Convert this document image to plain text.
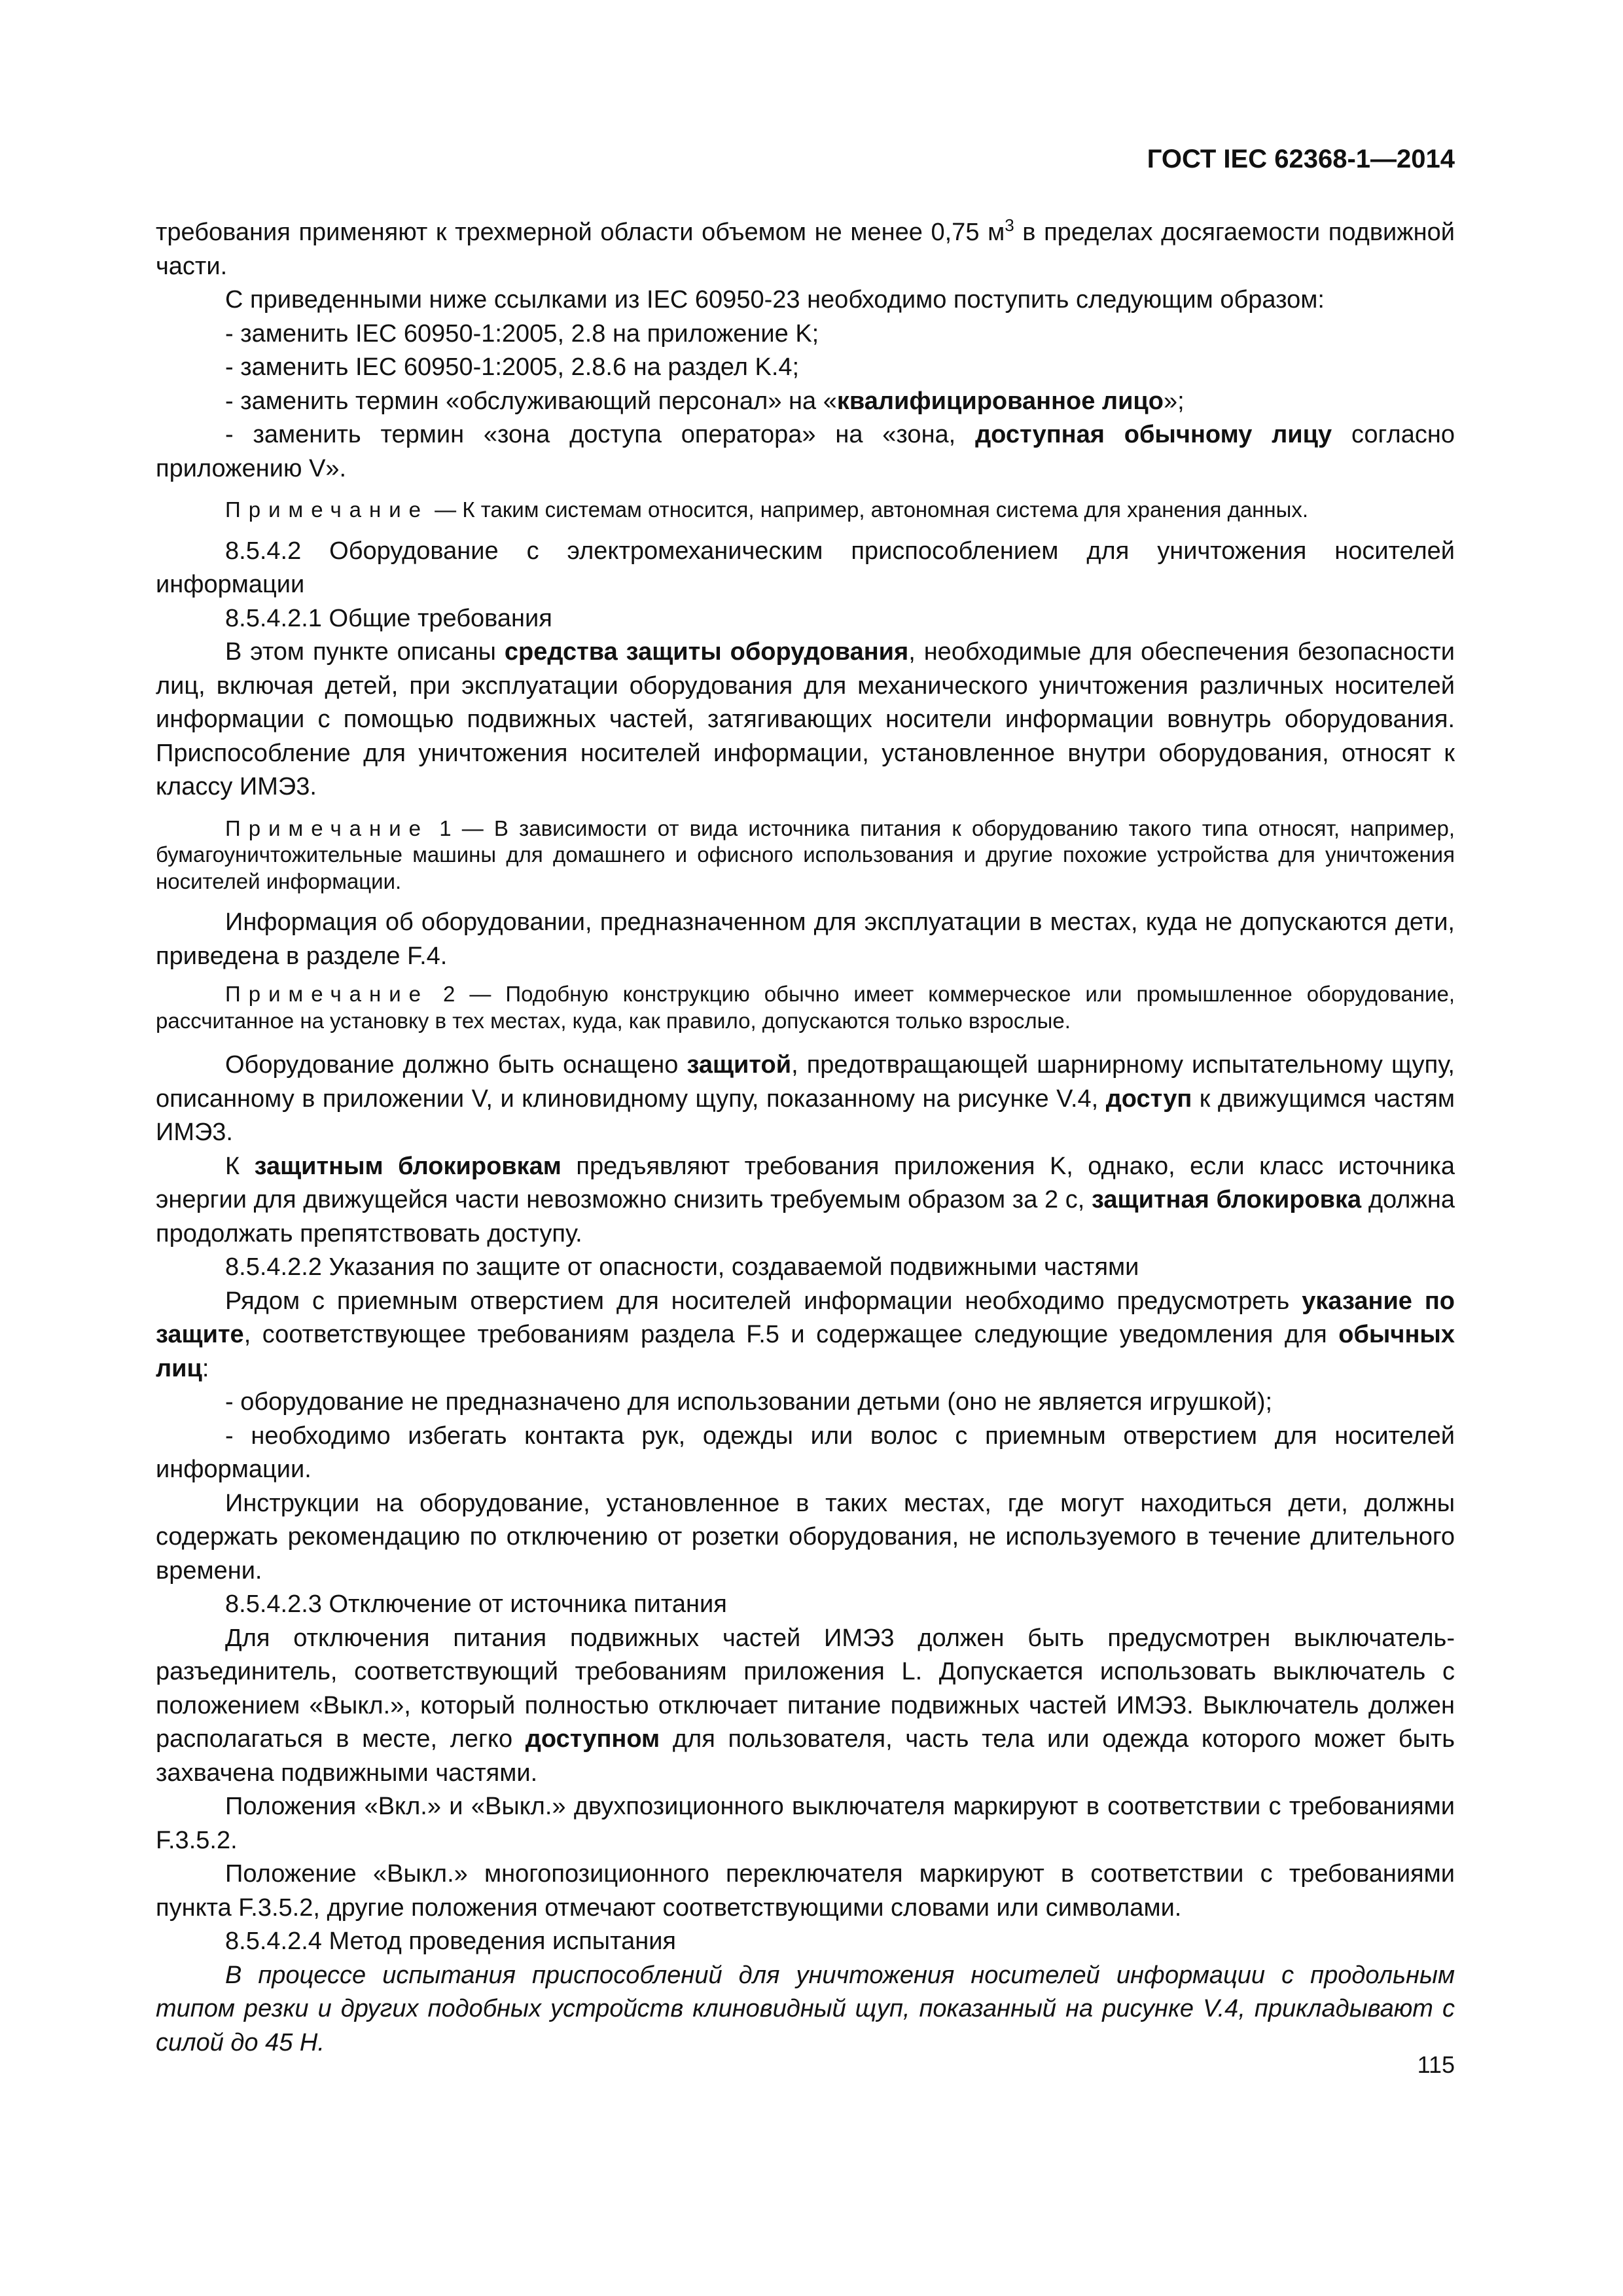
ГОСТ IEC 62368-1—2014

требования применяют к трехмерной области объемом не менее 0,75 $м^3$ в пределах досягаемости подвижной части.

С приведенными ниже ссылками из IEC 60950-23 необходимо поступить следующим образом:

- заменить IEC 60950-1:2005, 2.8 на приложение K;

- заменить IEC 60950-1:2005, 2.8.6 на раздел K.4;

- заменить термин «обслуживающий персонал» на «квалифицированное лицо»;

- заменить термин «зона доступа оператора» на «зона, доступная обычному лицу согласно приложению V».

Примечание — К таким системам относится, например, автономная система для хранения данных.

8.5.4.2 Оборудование с электромеханическим приспособлением для уничтожения носителей информации

8.5.4.2.1 Общие требования

В этом пункте описаны средства защиты оборудования, необходимые для обеспечения безопасности лиц, включая детей, при эксплуатации оборудования для механического уничтожения различных носителей информации с помощью подвижных частей, затягивающих носители информации вовнутрь оборудования. Приспособление для уничтожения носителей информации, установленное внутри оборудования, относят к классу ИМЭ3.

Примечание 1 — В зависимости от вида источника питания к оборудованию такого типа относят, например, бумагоуничтожительные машины для домашнего и офисного использования и другие похожие устройства для уничтожения носителей информации.

Информация об оборудовании, предназначенном для эксплуатации в местах, куда не допускаются дети, приведена в разделе F.4.

Примечание 2 — Подобную конструкцию обычно имеет коммерческое или промышленное оборудование, рассчитанное на установку в тех местах, куда, как правило, допускаются только взрослые.

Оборудование должно быть оснащено защитой, предотвращающей шарнирному испытательному щупу, описанному в приложении V, и клиновидному щупу, показанному на рисунке V.4, доступ к движущимся частям ИМЭ3.

К защитным блокировкам предъявляют требования приложения K, однако, если класс источника энергии для движущейся части невозможно снизить требуемым образом за 2 с, защитная блокировка должна продолжать препятствовать доступу.

8.5.4.2.2 Указания по защите от опасности, создаваемой подвижными частями

Рядом с приемным отверстием для носителей информации необходимо предусмотреть указание по защите, соответствующее требованиям раздела F.5 и содержащее следующие уведомления для обычных лиц:

- оборудование не предназначено для использовании детьми (оно не является игрушкой);

- необходимо избегать контакта рук, одежды или волос с приемным отверстием для носителей информации.

Инструкции на оборудование, установленное в таких местах, где могут находиться дети, должны содержать рекомендацию по отключению от розетки оборудования, не используемого в течение длительного времени.

8.5.4.2.3 Отключение от источника питания

Для отключения питания подвижных частей ИМЭ3 должен быть предусмотрен выключатель-разъединитель, соответствующий требованиям приложения L. Допускается использовать выключатель с положением «Выкл.», который полностью отключает питание подвижных частей ИМЭ3. Выключатель должен располагаться в месте, легко доступном для пользователя, часть тела или одежда которого может быть захвачена подвижными частями.

Положения «Вкл.» и «Выкл.» двухпозиционного выключателя маркируют в соответствии с требованиями F.3.5.2.

Положение «Выкл.» многопозиционного переключателя маркируют в соответствии с требованиями пункта F.3.5.2, другие положения отмечают соответствующими словами или символами.

8.5.4.2.4 Метод проведения испытания

В процессе испытания приспособлений для уничтожения носителей информации с продольным типом резки и других подобных устройств клиновидный щуп, показанный на рисунке V.4, прикладывают с силой до 45 Н.

115
